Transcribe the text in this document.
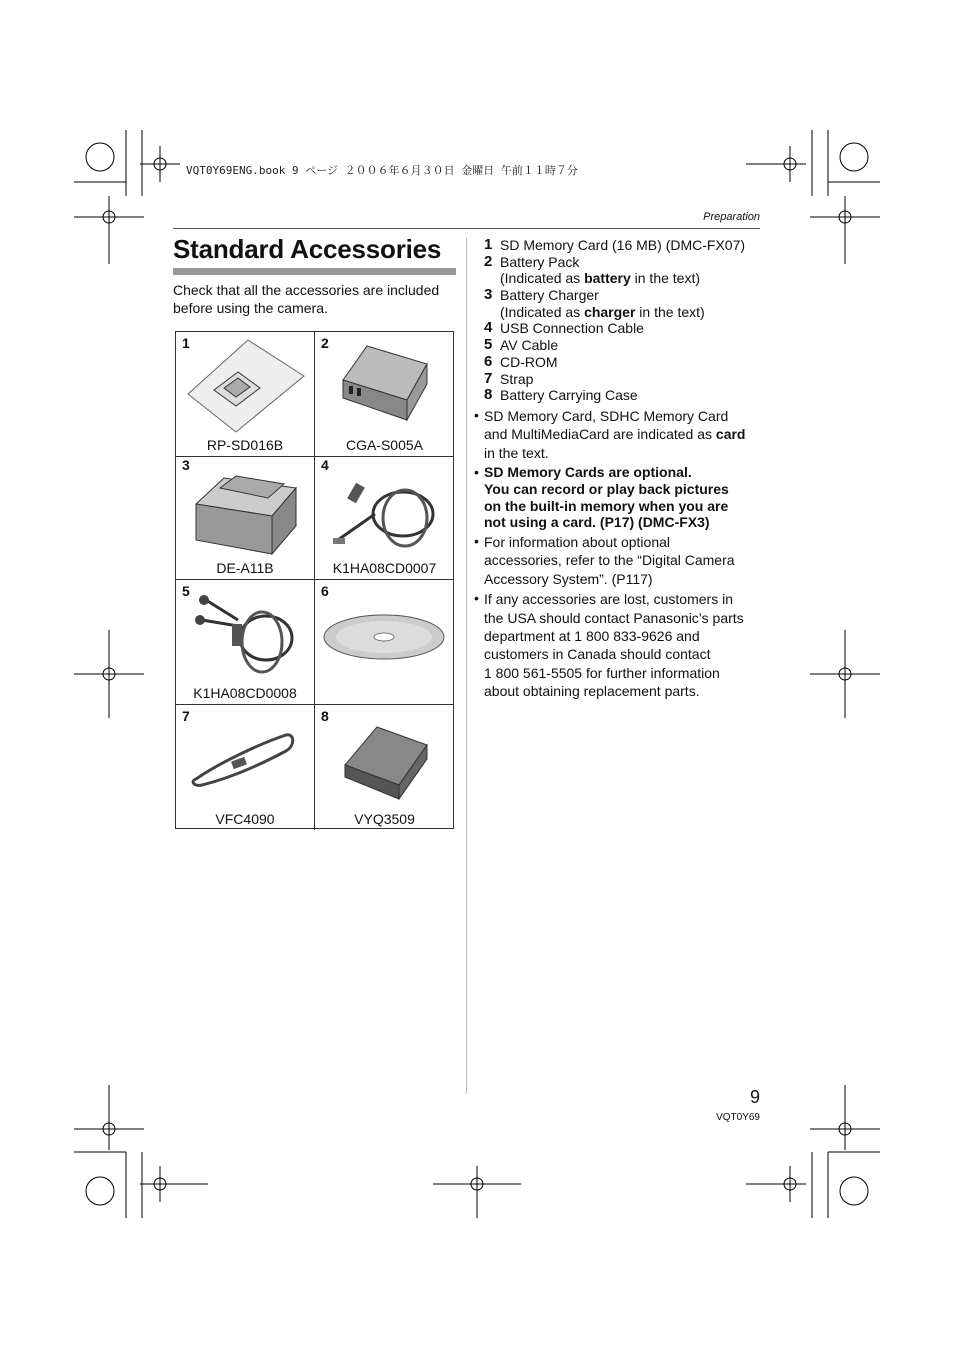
VQT0Y69ENG.book 9 ページ ２００６年６月３０日 金曜日 午前１１時７分
Preparation
Standard Accessories
Check that all the accessories are included before using the camera.
1
RP-SD016B
2
CGA-S005A
3
DE-A11B
4
K1HA08CD0007
5
K1HA08CD0008
6
7
VFC4090
8
VYQ3509
1 SD Memory Card (16 MB) (DMC-FX07)
2 Battery Pack
(Indicated as battery in the text)
3 Battery Charger
(Indicated as charger in the text)
4 USB Connection Cable
5 AV Cable
6 CD-ROM
7 Strap
8 Battery Carrying Case
• SD Memory Card, SDHC Memory Card

and MultiMediaCard are indicated as card

in the text.

• SD Memory Cards are optional.

You can record or play back pictures

on the built-in memory when you are

not using a card. (P17) (DMC-FX3)

• For information about optional

accessories, refer to the “Digital Camera

Accessory System”. (P117)

• If any accessories are lost, customers in

the USA should contact Panasonic’s parts

department at 1 800 833-9626 and

customers in Canada should contact

1 800 561-5505 for further information

about obtaining replacement parts.

9
VQT0Y69
